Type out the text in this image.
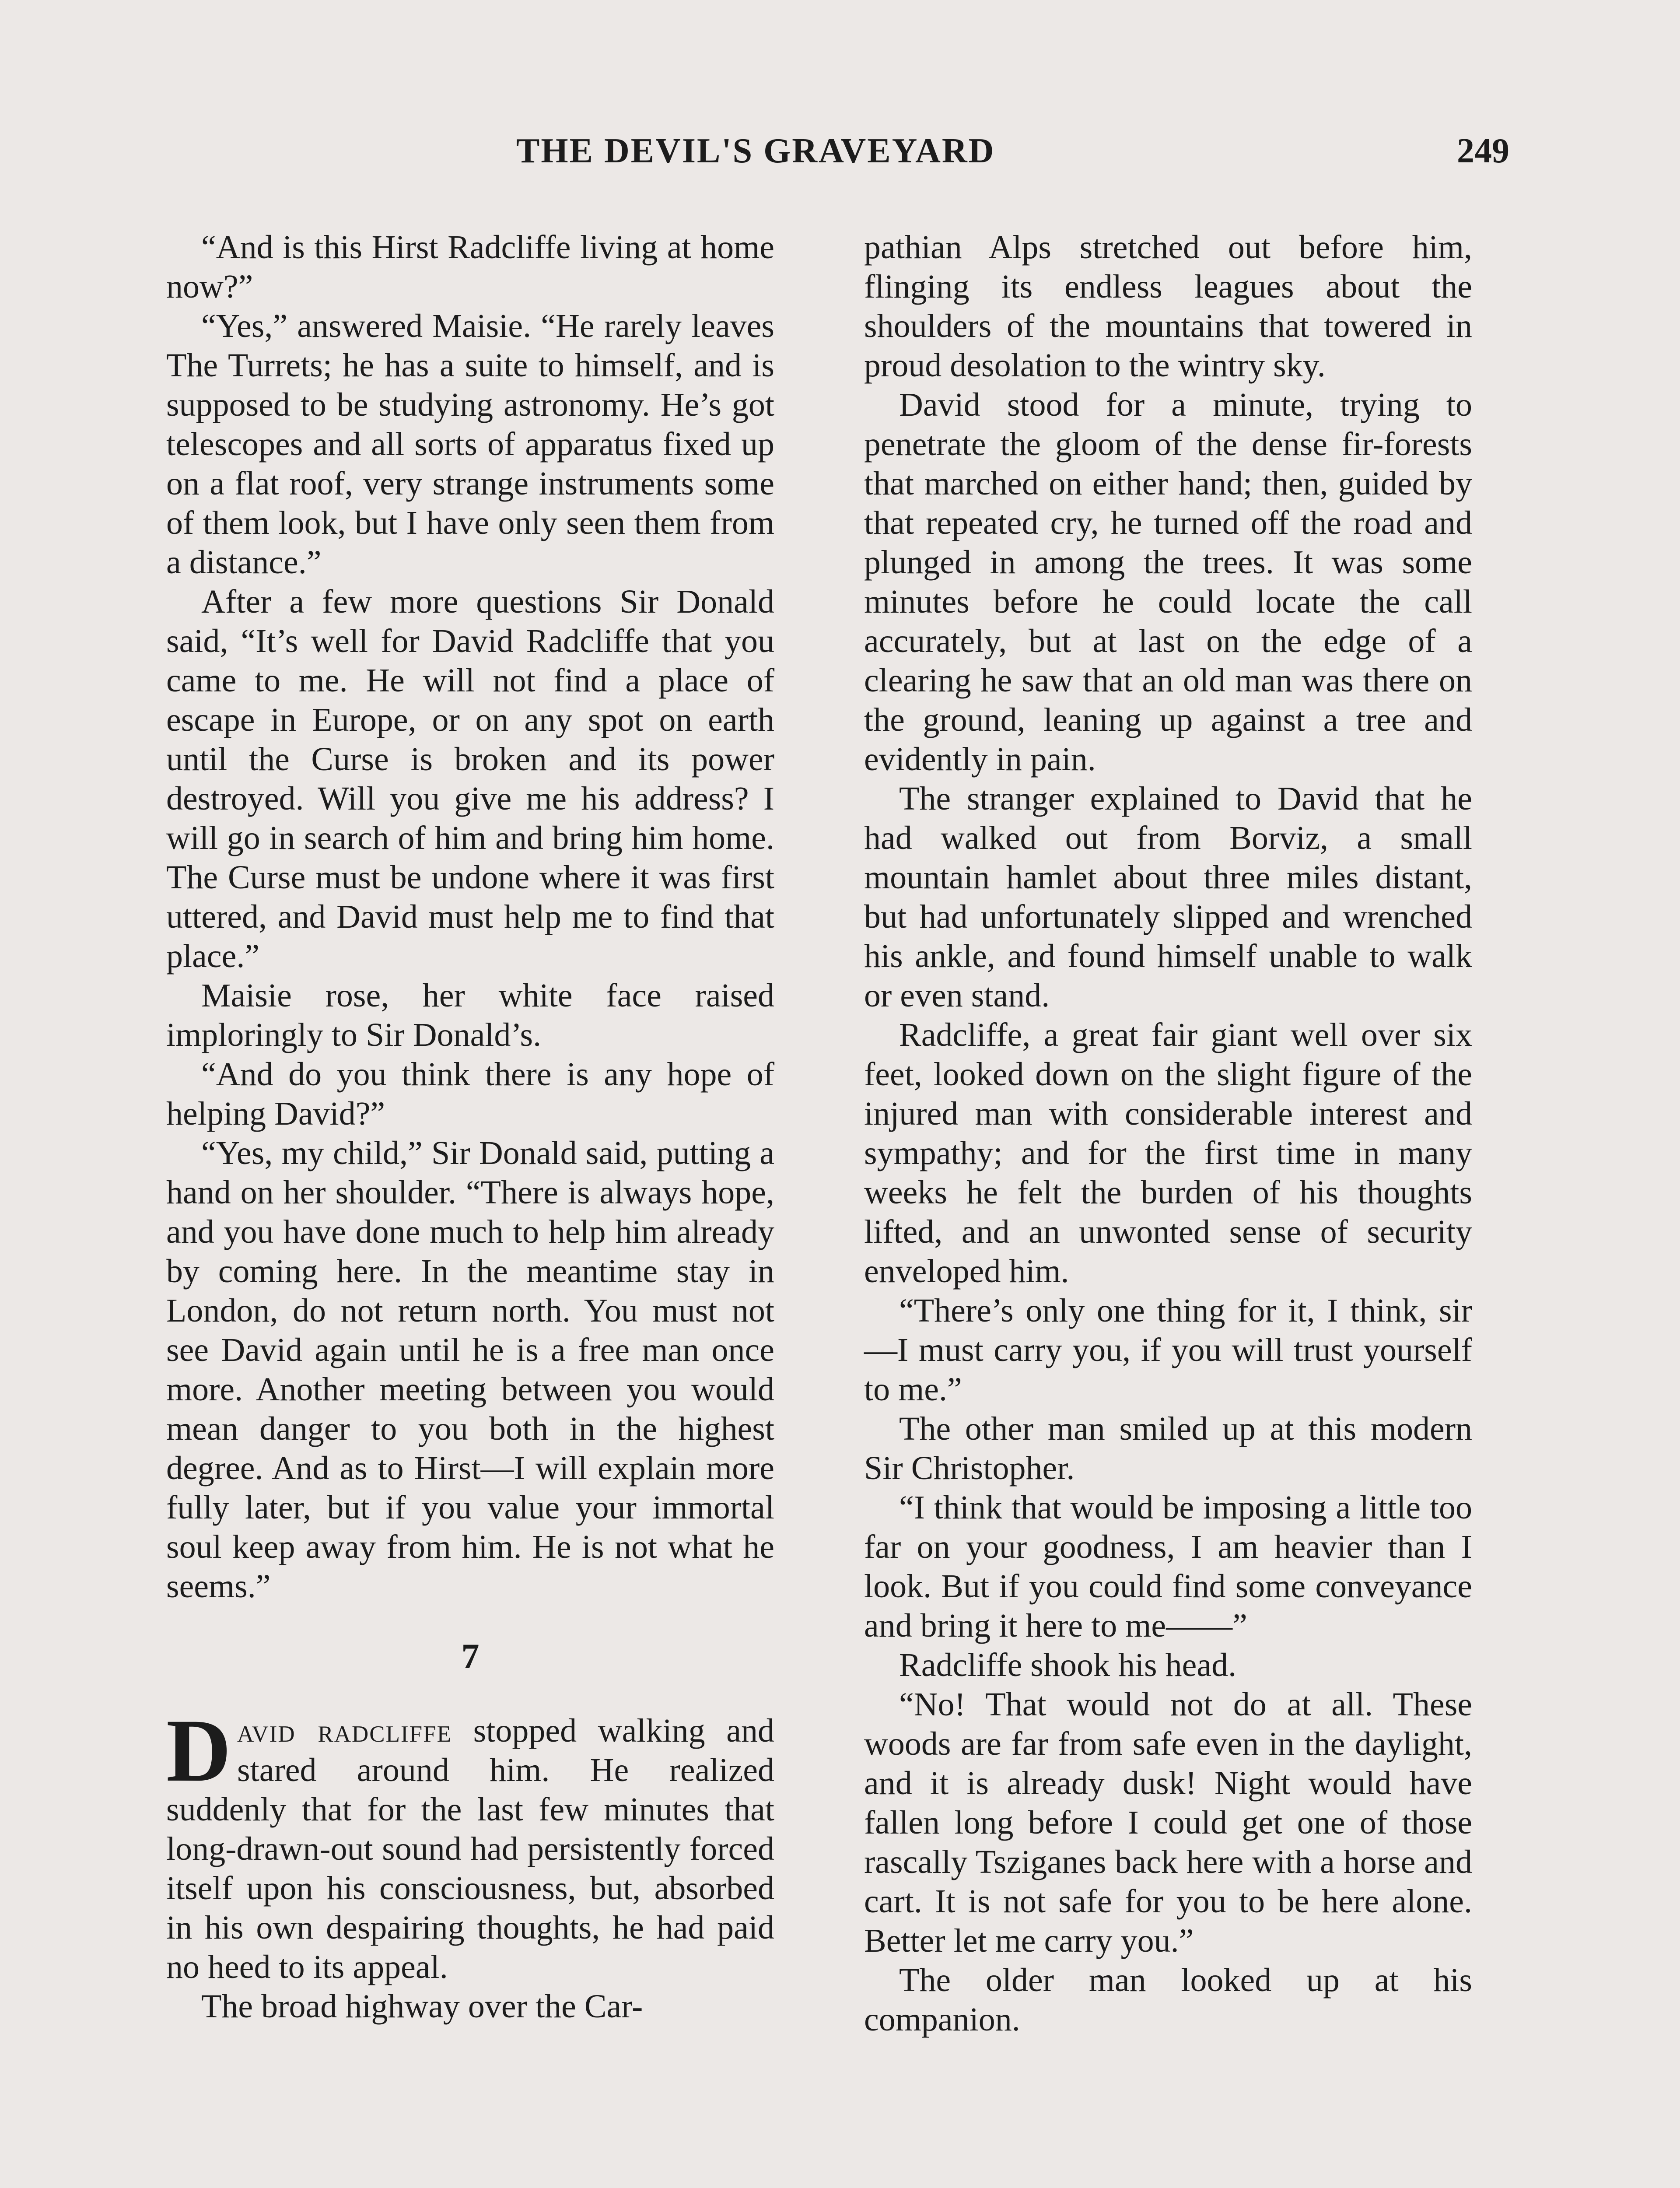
THE DEVIL'S GRAVEYARD	249

“And is this Hirst Radcliffe living at home now?”

“Yes,” answered Maisie. “He rarely leaves The Turrets; he has a suite to himself, and is supposed to be studying astronomy. He’s got telescopes and all sorts of apparatus fixed up on a flat roof, very strange instruments some of them look, but I have only seen them from a distance.”

After a few more questions Sir Donald said, “It’s well for David Radcliffe that you came to me. He will not find a place of escape in Europe, or on any spot on earth until the Curse is broken and its power destroyed. Will you give me his address? I will go in search of him and bring him home. The Curse must be undone where it was first uttered, and David must help me to find that place.”

Maisie rose, her white face raised imploringly to Sir Donald’s.

“And do you think there is any hope of helping David?”

“Yes, my child,” Sir Donald said, putting a hand on her shoulder. “There is always hope, and you have done much to help him already by coming here. In the meantime stay in London, do not return north. You must not see David again until he is a free man once more. Another meeting between you would mean danger to you both in the highest degree. And as to Hirst—I will explain more fully later, but if you value your immortal soul keep away from him. He is not what he seems.”

7

David radcliffe stopped walking and stared around him. He realized suddenly that for the last few minutes that long-drawn-out sound had persistently forced itself upon his consciousness, but, absorbed in his own despairing thoughts, he had paid no heed to its appeal.

The broad highway over the Car-

pathian Alps stretched out before him, flinging its endless leagues about the shoulders of the mountains that towered in proud desolation to the wintry sky.

David stood for a minute, trying to penetrate the gloom of the dense fir-forests that marched on either hand; then, guided by that repeated cry, he turned off the road and plunged in among the trees. It was some minutes before he could locate the call accurately, but at last on the edge of a clearing he saw that an old man was there on the ground, leaning up against a tree and evidently in pain.

The stranger explained to David that he had walked out from Borviz, a small mountain hamlet about three miles distant, but had unfortunately slipped and wrenched his ankle, and found himself unable to walk or even stand.

Radcliffe, a great fair giant well over six feet, looked down on the slight figure of the injured man with considerable interest and sympathy; and for the first time in many weeks he felt the burden of his thoughts lifted, and an unwonted sense of security enveloped him.

“There’s only one thing for it, I think, sir—I must carry you, if you will trust yourself to me.”

The other man smiled up at this modern Sir Christopher.

“I think that would be imposing a little too far on your goodness, I am heavier than I look. But if you could find some conveyance and bring it here to me——”

Radcliffe shook his head.

“No! That would not do at all. These woods are far from safe even in the daylight, and it is already dusk! Night would have fallen long before I could get one of those rascally Tsziganes back here with a horse and cart. It is not safe for you to be here alone. Better let me carry you.”

The older man looked up at his companion.
